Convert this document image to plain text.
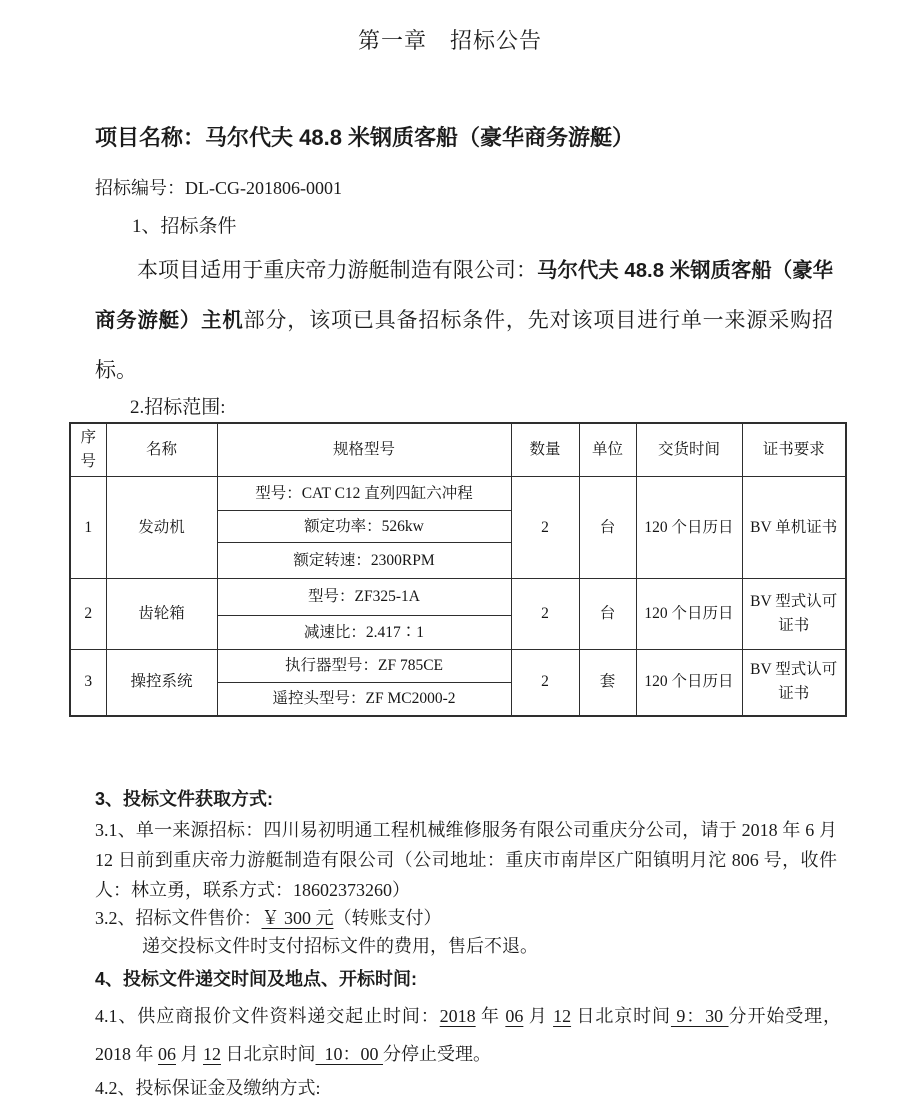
第一章　招标公告
项目名称：马尔代夫 48.8 米钢质客船（豪华商务游艇）
招标编号：DL-CG-201806-0001
1、招标条件

本项目适用于重庆帝力游艇制造有限公司：马尔代夫 48.8 米钢质客船（豪华商务游艇）主机部分，该项已具备招标条件，先对该项目进行单一来源采购招标。

2.招标范围:
序号	名称	规格型号	数量	单位	交货时间	证书要求
1	发动机	型号：CAT C12 直列四缸六冲程	2	台	120 个日历日	BV 单机证书
		额定功率：526kw				
		额定转速：2300RPM				
2	齿轮箱	型号：ZF325-1A	2	台	120 个日历日	BV 型式认可证书
		减速比：2.417∶1				
3	操控系统	执行器型号：ZF 785CE	2	套	120 个日历日	BV 型式认可证书
		遥控头型号：ZF MC2000-2				
3、投标文件获取方式:

3.1、单一来源招标：四川易初明通工程机械维修服务有限公司重庆分公司，请于 2018 年 6 月 12 日前到重庆帝力游艇制造有限公司（公司地址：重庆市南岸区广阳镇明月沱 806 号，收件人：林立勇，联系方式：18602373260）

3.2、招标文件售价：￥ 300 元（转账支付）

递交投标文件时支付招标文件的费用，售后不退。

4、投标文件递交时间及地点、开标时间:

4.1、供应商报价文件资料递交起止时间：2018 年 06 月 12 日北京时间 9：30 分开始受理，2018 年 06 月 12 日北京时间  10：00 分停止受理。

4.2、投标保证金及缴纳方式:
